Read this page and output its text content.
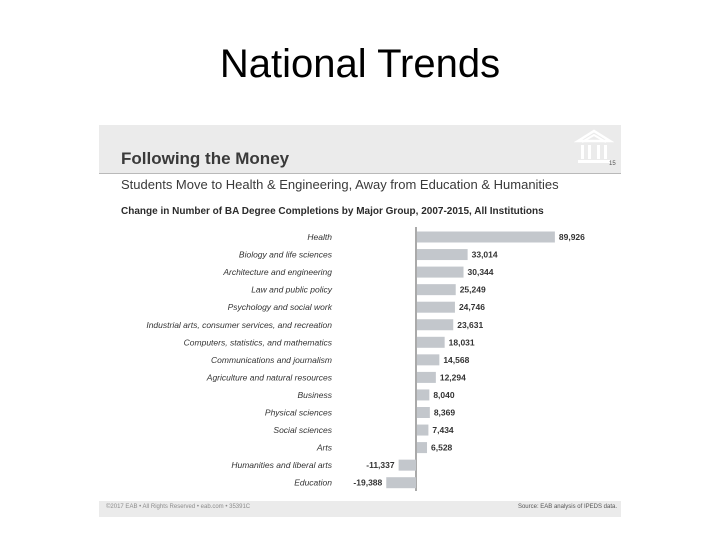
National Trends
Following the Money	15
Students Move to Health & Engineering, Away from Education & Humanities
Change in Number of BA Degree Completions by Major Group, 2007-2015, All Institutions
Health	89,926
Biology and life sciences	33,014
Architecture and engineering	30,344
Law and public policy	25,249
Psychology and social work	24,746
Industrial arts, consumer services, and recreation	23,631
Computers, statistics, and mathematics	18,031
Communications and journalism	14,568
Agriculture and natural resources	12,294
Business	8,040
Physical sciences	8,369
Social sciences	7,434
Arts	6,528
Humanities and liberal arts	-11,337
Education	-19,388
©2017 EAB • All Rights Reserved • eab.com • 35391C	Source: EAB analysis of IPEDS data.
